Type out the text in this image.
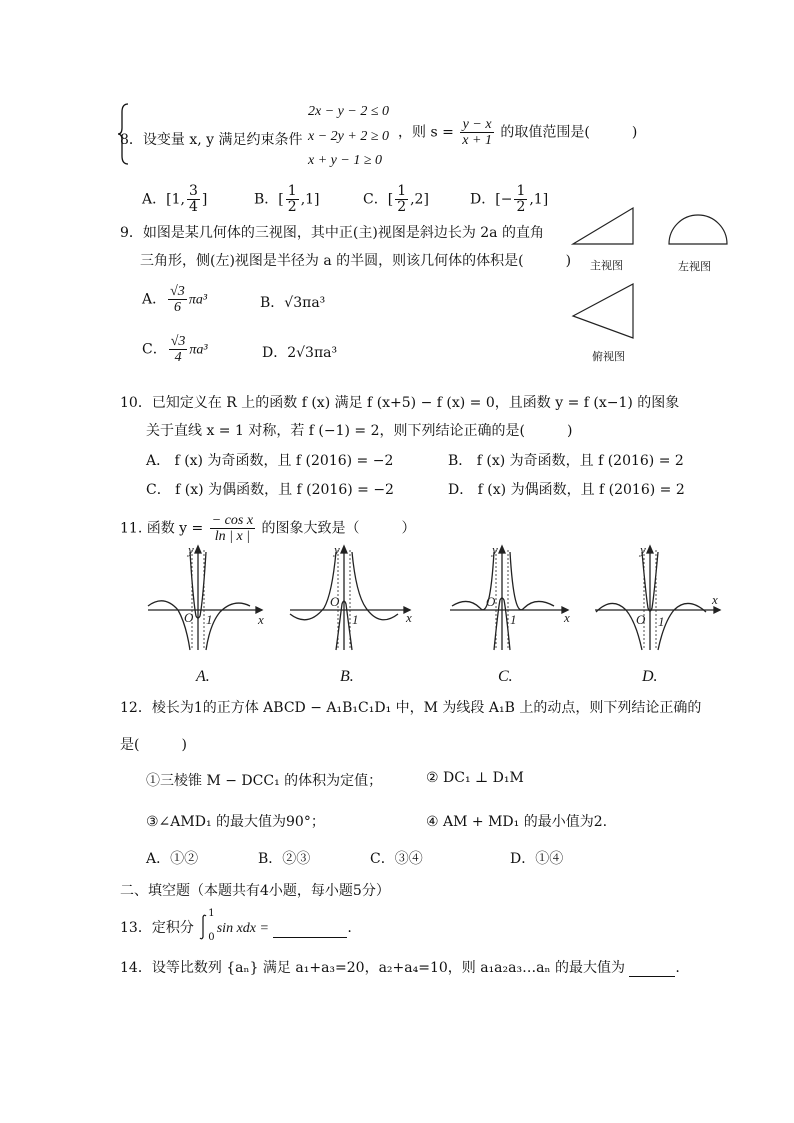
8．设变量 x, y 满足约束条件
2x − y − 2 ≤ 0
x − 2y + 2 ≥ 0
x + y − 1 ≥ 0
，则 $s = \frac{y - x}{x + 1}$ 的取值范围是(　　　)
A．[1, $\frac{3}{4}$ ]	B．[ $\frac{1}{2} ,1$]	C．[ $\frac{1}{2} ,2$]	D．[− $\frac{1}{2} ,1$]
9．如图是某几何体的三视图，其中正(主)视图是斜边长为 2a 的直角
三角形，侧(左)视图是半径为 a 的半圆，则该几何体的体积是(　　　)
A． $\frac{√3}{6} \pi a^3$	B．√3πa³
C． $\frac{√3}{4} \pi a^3$	D．2√3πa³
主视图	左视图
俯视图
10．已知定义在 R 上的函数 f (x) 满足 f (x+5) − f (x) = 0，且函数 y = f (x−1) 的图象
关于直线 x = 1 对称，若 f (−1) = 2，则下列结论正确的是(　　　)
A． f (x) 为奇函数，且 f (2016) = −2	B． f (x) 为奇函数，且 f (2016) = 2
C． f (x) 为偶函数，且 f (2016) = −2	D． f (x) 为偶函数，且 f (2016) = 2
11. 函数 $y = \frac{\text{− cos x}}{\ln | x |}$ 的图象大致是（　　　）
x
y
O 1	x
y
O
1	x
y
O
1
x
y
O 1
A.	B.	C.	D.
12．棱长为1的正方体 ABCD − A₁B₁C₁D₁ 中，M 为线段 A₁B 上的动点，则下列结论正确的
是(　　　)
①三棱锥 M − DCC₁ 的体积为定值；	② DC₁ ⊥ D₁M
③∠AMD₁ 的最大值为90°；	④ AM + MD₁ 的最小值为2.
A．①②	B．②③	C．③④	D．①④
二、填空题（本题共有4小题，每小题5分）
13．定积分
1
0
sin xdx =	.
14．设等比数列 {aₙ} 满足 a₁+a₃=20，a₂+a₄=10，则 a₁a₂a₃…aₙ 的最大值为	.
